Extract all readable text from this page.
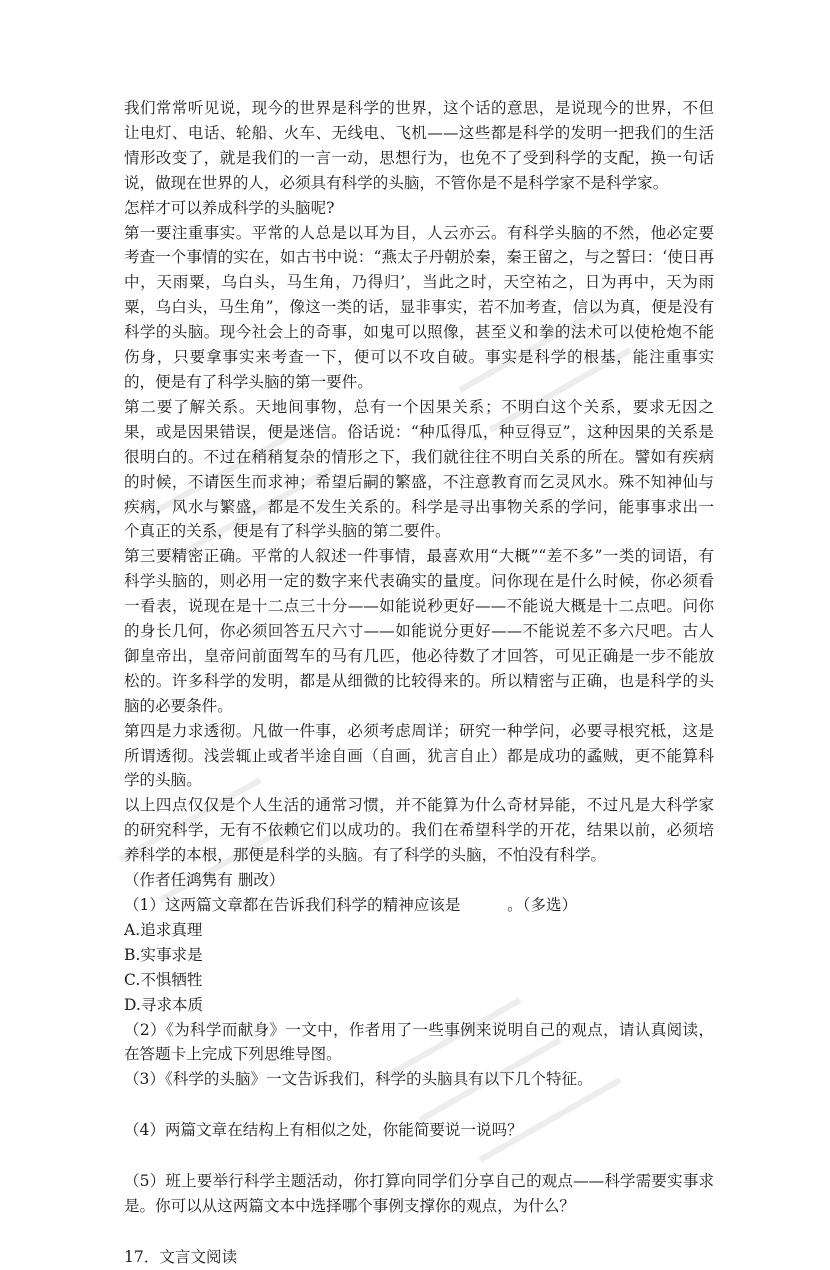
我们常常听见说，现今的世界是科学的世界，这个话的意思，是说现今的世界，不但让电灯、电话、轮船、火车、无线电、飞机——这些都是科学的发明一把我们的生活情形改变了，就是我们的一言一动，思想行为，也免不了受到科学的支配，换一句话说，做现在世界的人，必须具有科学的头脑，不管你是不是科学家不是科学家。

怎样才可以养成科学的头脑呢?

第一要注重事实。平常的人总是以耳为目，人云亦云。有科学头脑的不然，他必定要考查一个事情的实在，如古书中说：“燕太子丹朝於秦，秦王留之，与之誓曰：‘使日再中，天雨粟，乌白头，马生角，乃得归’，当此之时，天空祐之，日为再中，天为雨粟，乌白头，马生角”，像这一类的话，显非事实，若不加考查，信以为真，便是没有科学的头脑。现今社会上的奇事，如鬼可以照像，甚至义和拳的法术可以使枪炮不能伤身，只要拿事实来考查一下，便可以不攻自破。事实是科学的根基，能注重事实的，便是有了科学头脑的第一要件。

第二要了解关系。天地间事物，总有一个因果关系；不明白这个关系，要求无因之果，或是因果错误，便是迷信。俗话说：“种瓜得瓜，种豆得豆”，这种因果的关系是很明白的。不过在稍稍复杂的情形之下，我们就往往不明白关系的所在。譬如有疾病的时候，不请医生而求神；希望后嗣的繁盛，不注意教育而乞灵风水。殊不知神仙与疾病，风水与繁盛，都是不发生关系的。科学是寻出事物关系的学问，能事事求出一个真正的关系，便是有了科学头脑的第二要件。

第三要精密正确。平常的人叙述一件事情，最喜欢用“大概”“差不多”一类的词语，有科学头脑的，则必用一定的数字来代表确实的量度。问你现在是什么时候，你必须看一看表，说现在是十二点三十分——如能说秒更好——不能说大概是十二点吧。问你的身长几何，你必须回答五尺六寸——如能说分更好——不能说差不多六尺吧。古人御皇帝出，皇帝问前面驾车的马有几匹，他必待数了才回答，可见正确是一步不能放松的。许多科学的发明，都是从细微的比较得来的。所以精密与正确，也是科学的头脑的必要条件。

第四是力求透彻。凡做一件事，必须考虑周详；研究一种学问，必要寻根究柢，这是所谓透彻。浅尝辄止或者半途自画（自画，犹言自止）都是成功的蟊贼，更不能算科学的头脑。

以上四点仅仅是个人生活的通常习惯，并不能算为什么奇材异能，不过凡是大科学家的研究科学，无有不依赖它们以成功的。我们在希望科学的开花，结果以前，必须培养科学的本根，那便是科学的头脑。有了科学的头脑，不怕没有科学。

（作者任鸿隽有 删改）

（1）这两篇文章都在告诉我们科学的精神应该是　　　。（多选）

A.追求真理

B.实事求是

C.不惧牺牲

D.寻求本质

（2）《为科学而献身》一文中，作者用了一些事例来说明自己的观点，请认真阅读，在答题卡上完成下列思维导图。

（3）《科学的头脑》一文告诉我们，科学的头脑具有以下几个特征。

（4）两篇文章在结构上有相似之处，你能简要说一说吗？

（5）班上要举行科学主题活动，你打算向同学们分享自己的观点——科学需要实事求是。你可以从这两篇文本中选择哪个事例支撑你的观点，为什么？

17．文言文阅读
